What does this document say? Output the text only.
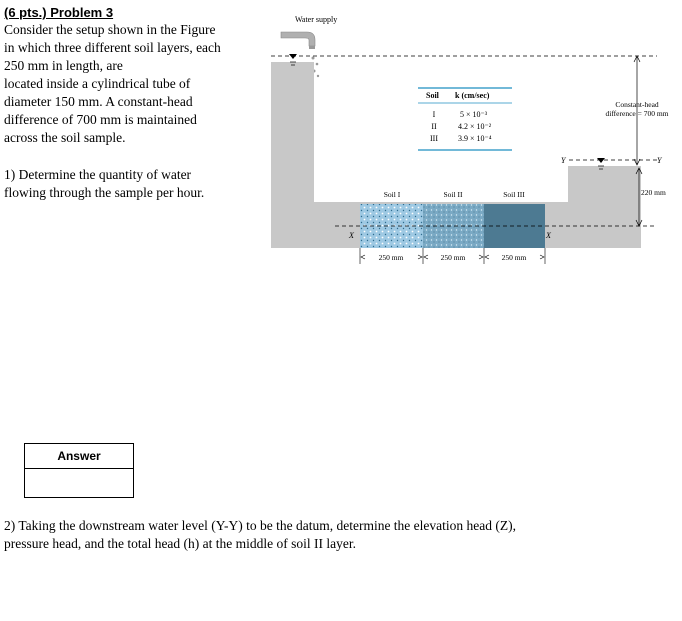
(6 pts.) Problem 3
Consider the setup shown in the Figure
in which three different soil layers, each
250 mm in length, are
located inside a cylindrical tube of
diameter 150 mm. A constant-head
difference of 700 mm is maintained
across the soil sample.
1) Determine the quantity of water
flowing through the sample per hour.
Answer
2) Taking the downstream water level (Y-Y) to be the datum, determine the elevation head (Z),
pressure head, and the total head (h) at the middle of soil II layer.
Water supply
Constant-head
difference = 700 mm
Y	Y
220 mm
X	X
Soil I	Soil II	Soil III
250 mm	250 mm	250 mm
Soil k (cm/sec)
I	5 × 10⁻³
II	4.2 × 10⁻²
III	3.9 × 10⁻⁴
